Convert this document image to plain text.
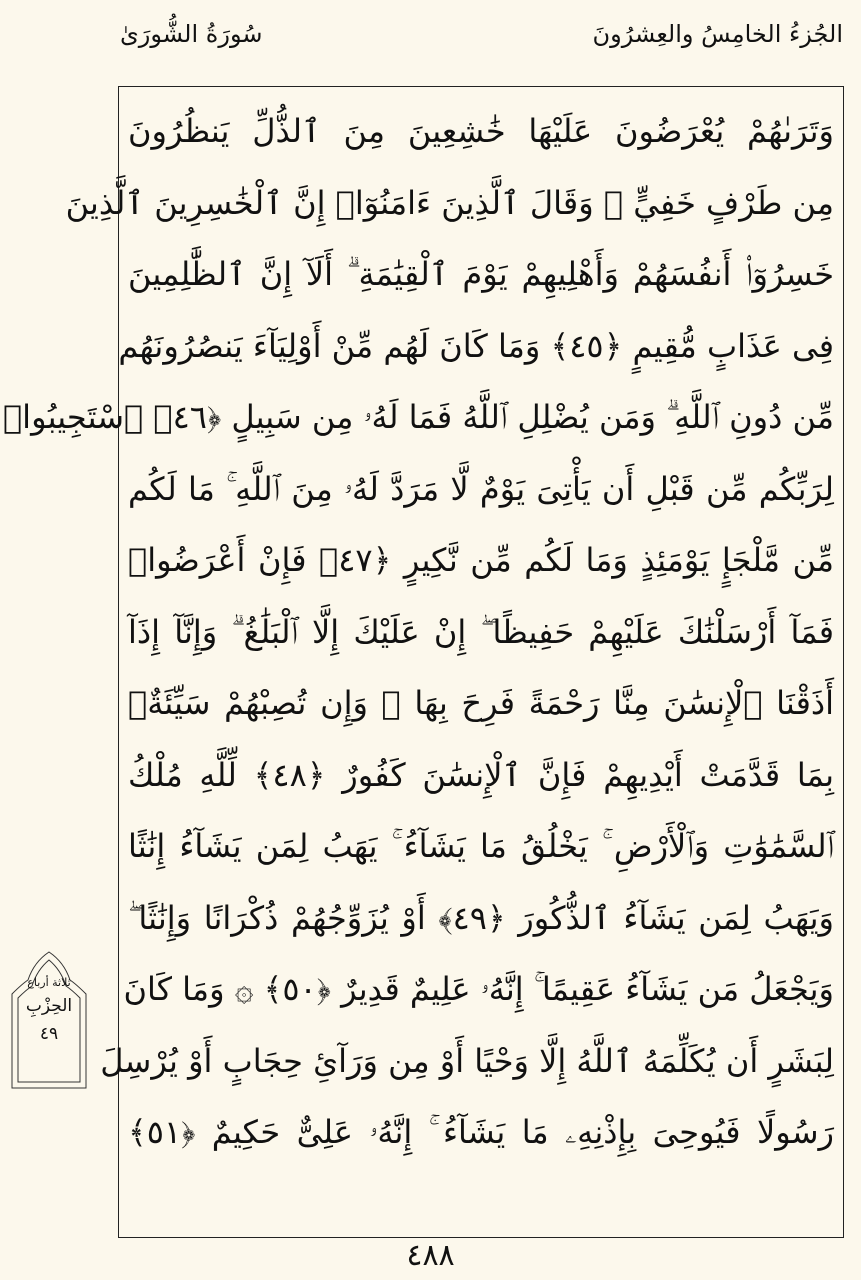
الجُزءُ الخامِسُ والعِشرُونَ
سُورَةُ الشُّورَىٰ
وَتَرَىٰهُمْ يُعْرَضُونَ عَلَيْهَا خَٰشِعِينَ مِنَ ٱلذُّلِّ يَنظُرُونَ
مِن طَرْفٍ خَفِيٍّ ۗ وَقَالَ ٱلَّذِينَ ءَامَنُوٓا۟ إِنَّ ٱلْخَٰسِرِينَ ٱلَّذِينَ
خَسِرُوٓا۟ أَنفُسَهُمْ وَأَهْلِيهِمْ يَوْمَ ٱلْقِيَٰمَةِ ۗ أَلَآ إِنَّ ٱلظَّٰلِمِينَ
فِى عَذَابٍ مُّقِيمٍ ﴿٤٥﴾ وَمَا كَانَ لَهُم مِّنْ أَوْلِيَآءَ يَنصُرُونَهُم
مِّن دُونِ ٱللَّهِ ۗ وَمَن يُضْلِلِ ٱللَّهُ فَمَا لَهُۥ مِن سَبِيلٍ ﴿٤٦﴾ ٱسْتَجِيبُوا۟
لِرَبِّكُم مِّن قَبْلِ أَن يَأْتِىَ يَوْمٌ لَّا مَرَدَّ لَهُۥ مِنَ ٱللَّهِ ۚ مَا لَكُم
مِّن مَّلْجَإٍ يَوْمَئِذٍ وَمَا لَكُم مِّن نَّكِيرٍ ﴿٤٧﴾ فَإِنْ أَعْرَضُوا۟
فَمَآ أَرْسَلْنَٰكَ عَلَيْهِمْ حَفِيظًا ۖ إِنْ عَلَيْكَ إِلَّا ٱلْبَلَٰغُ ۗ وَإِنَّآ إِذَآ
أَذَقْنَا ٱلْإِنسَٰنَ مِنَّا رَحْمَةً فَرِحَ بِهَا ۖ وَإِن تُصِبْهُمْ سَيِّئَةٌۢ
بِمَا قَدَّمَتْ أَيْدِيهِمْ فَإِنَّ ٱلْإِنسَٰنَ كَفُورٌ ﴿٤٨﴾ لِّلَّهِ مُلْكُ
ٱلسَّمَٰوَٰتِ وَٱلْأَرْضِ ۚ يَخْلُقُ مَا يَشَآءُ ۚ يَهَبُ لِمَن يَشَآءُ إِنَٰثًا
وَيَهَبُ لِمَن يَشَآءُ ٱلذُّكُورَ ﴿٤٩﴾ أَوْ يُزَوِّجُهُمْ ذُكْرَانًا وَإِنَٰثًا ۖ
وَيَجْعَلُ مَن يَشَآءُ عَقِيمًا ۚ إِنَّهُۥ عَلِيمٌ قَدِيرٌ ﴿٥٠﴾ ۞ وَمَا كَانَ
لِبَشَرٍ أَن يُكَلِّمَهُ ٱللَّهُ إِلَّا وَحْيًا أَوْ مِن وَرَآئِ حِجَابٍ أَوْ يُرْسِلَ
رَسُولًا فَيُوحِىَ بِإِذْنِهِۦ مَا يَشَآءُ ۚ إِنَّهُۥ عَلِىٌّ حَكِيمٌ ﴿٥١﴾
ثلاثة أرباع
الحِزْبِ
٤٩
٤٨٨
